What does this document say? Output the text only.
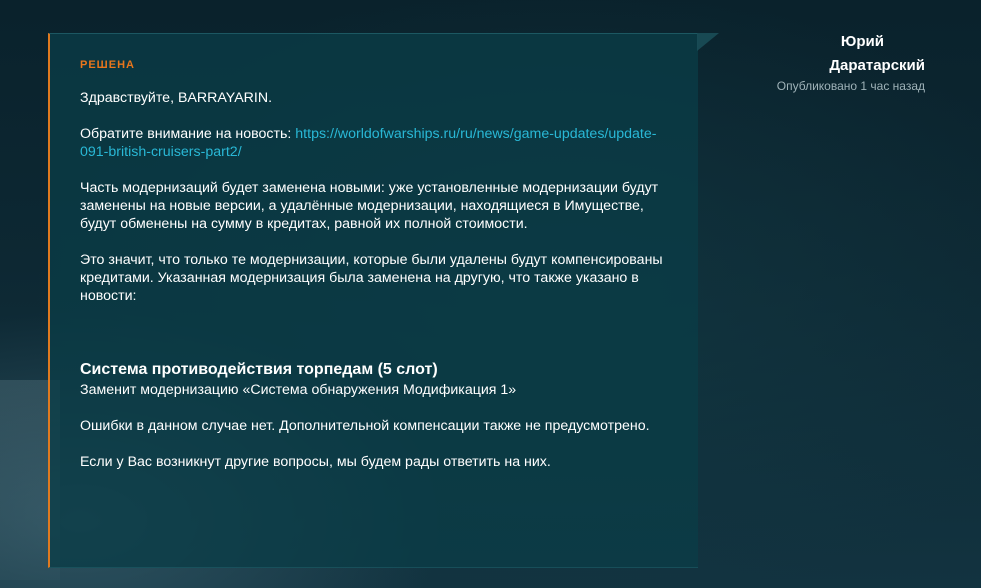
РЕШЕНА

Здравствуйте, BARRAYARIN.

Обратите внимание на новость: https://worldofwarships.ru/ru/news/game-updates/update-091-british-cruisers-part2/

Часть модернизаций будет заменена новыми: уже установленные модернизации будут заменены на новые версии, а удалённые модернизации, находящиеся в Имуществе, будут обменены на сумму в кредитах, равной их полной стоимости.

Это значит, что только те модернизации, которые были удалены будут компенсированы кредитами. Указанная модернизация была заменена на другую, что также указано в новости:

Система противодействия торпедам (5 слот)

Заменит модернизацию «Система обнаружения Модификация 1»

Ошибки в данном случае нет. Дополнительной компенсации также не предусмотрено.

Если у Вас возникнут другие вопросы, мы будем рады ответить на них.

Юрий
Даратарский
Опубликовано 1 час назад
